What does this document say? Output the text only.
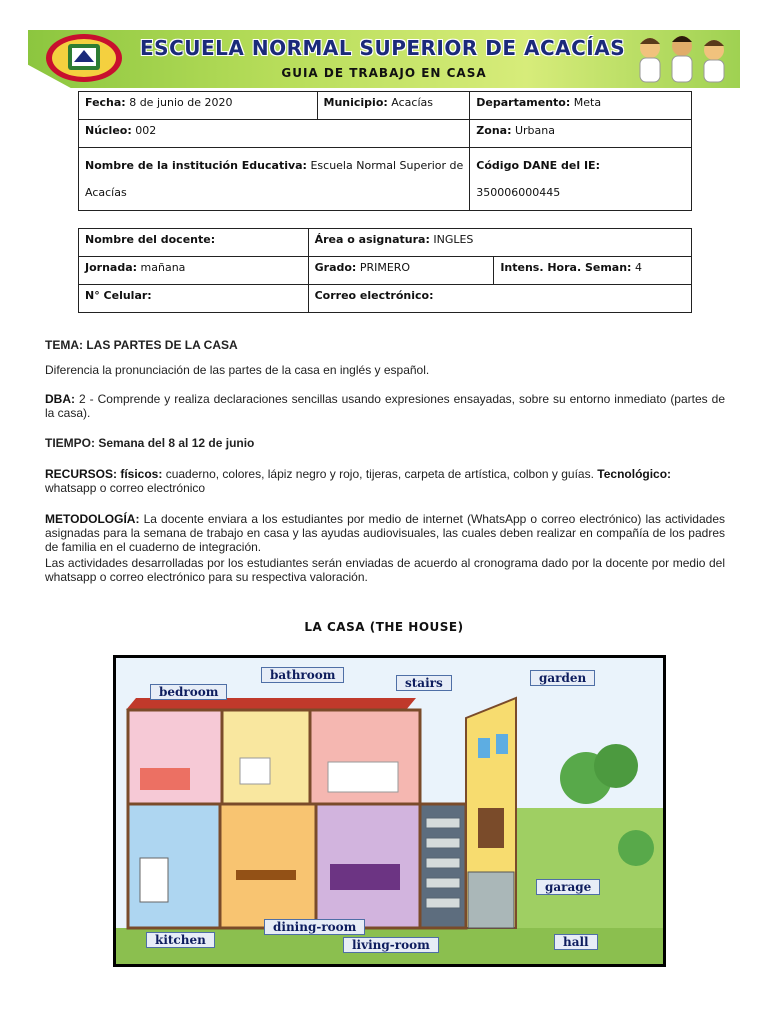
ESCUELA NORMAL SUPERIOR DE ACACÍAS
GUIA DE TRABAJO EN CASA
Fecha: 8 de junio de 2020	Municipio: Acacías	Departamento: Meta
Núcleo: 002		Zona: Urbana
Nombre de la institución Educativa: Escuela Normal Superior de Acacías		Código DANE del IE:
350006000445
Nombre del docente:	Área o asignatura: INGLES	
Jornada: mañana	Grado: PRIMERO	Intens. Hora. Seman: 4
N° Celular:	Correo electrónico:	
TEMA: LAS PARTES DE LA CASA
Diferencia la pronunciación de las partes de la casa en inglés y español.
DBA: 2 - Comprende y realiza declaraciones sencillas usando expresiones ensayadas, sobre su entorno inmediato (partes de la casa).
TIEMPO: Semana del 8 al 12 de junio
RECURSOS: físicos: cuaderno, colores, lápiz negro y rojo, tijeras, carpeta de artística, colbon y guías. Tecnológico: whatsapp o correo electrónico
METODOLOGÍA: La docente enviara a los estudiantes por medio de internet (WhatsApp o correo electrónico) las actividades asignadas para la semana de trabajo en casa y las ayudas audiovisuales, las cuales deben realizar en compañía de los padres de familia en el cuaderno de integración.
Las actividades desarrolladas por los estudiantes serán enviadas de acuerdo al cronograma dado por la docente por medio del whatsapp o correo electrónico para su respectiva valoración.
LA CASA (THE HOUSE)
bedroom
bathroom
stairs	garden
garage
kitchen
dining-room
living-room	hall
